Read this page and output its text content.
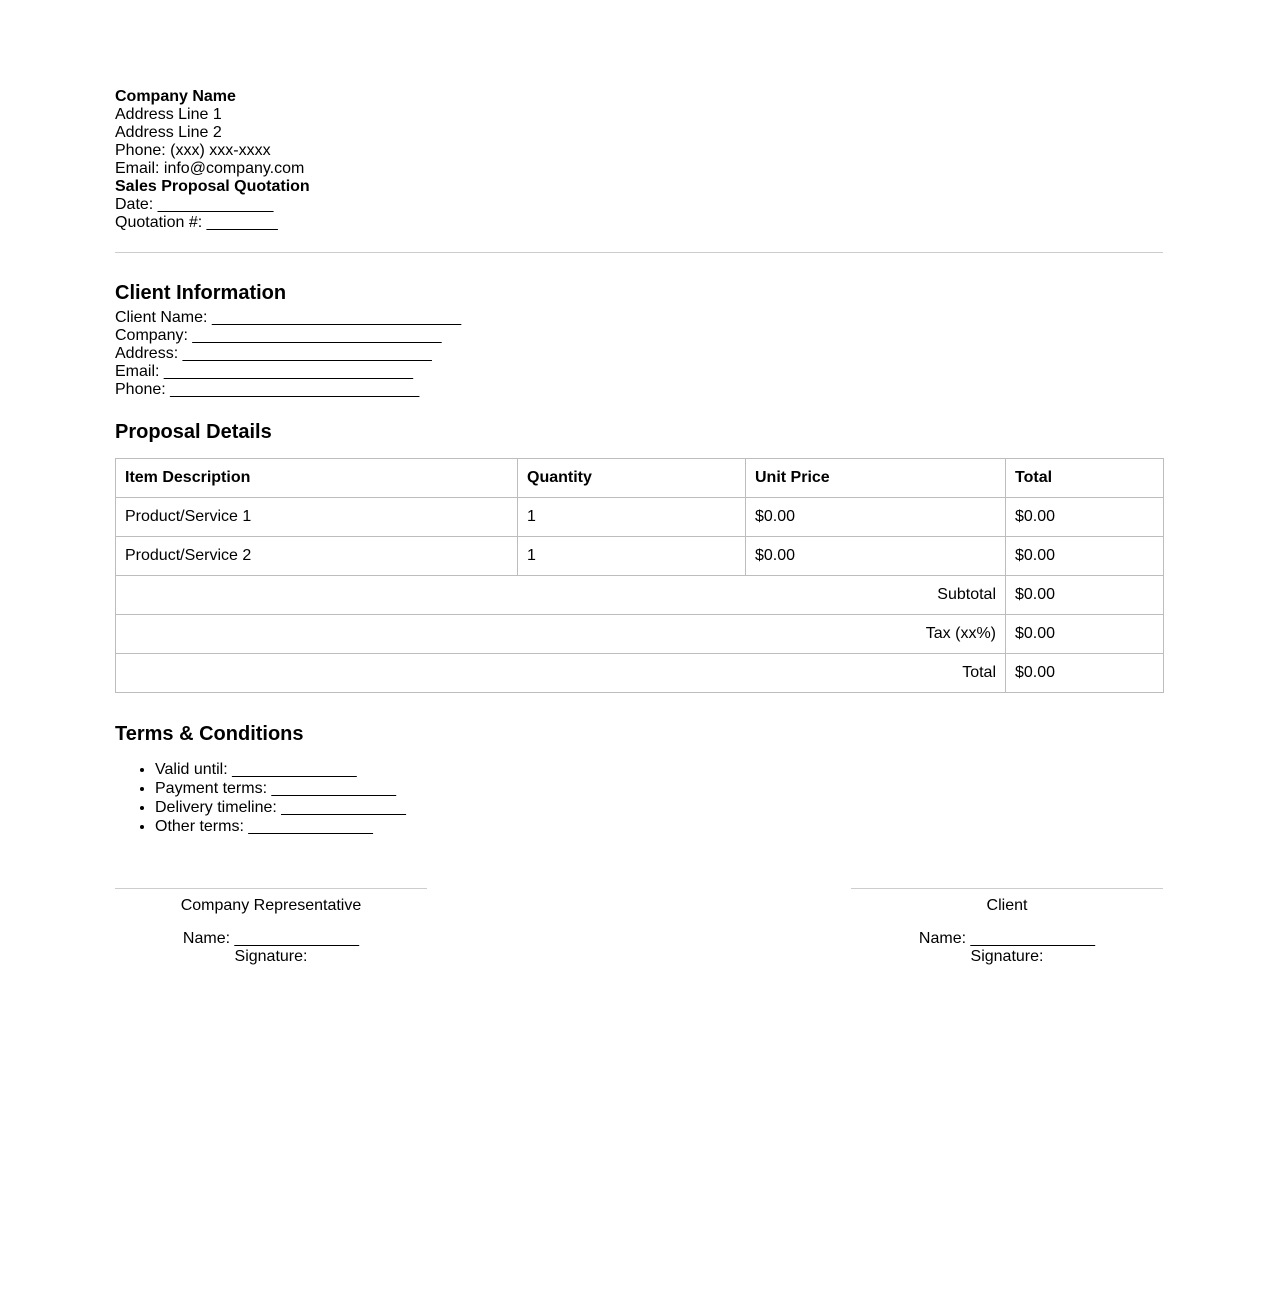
Company Name
Address Line 1
Address Line 2
Phone: (xxx) xxx-xxxx
Email: info@company.com

Sales Proposal Quotation
Date: _____________
Quotation #: ________

Client Information

Client Name: ____________________________
Company: ____________________________
Address: ____________________________
Email: ____________________________
Phone: ____________________________

Proposal Details
Item Description	Quantity	Unit Price	Total
Product/Service 1	1	$0.00	$0.00
Product/Service 2	1	$0.00	$0.00
Subtotal			$0.00
Tax (xx%)			$0.00
Total			$0.00
Terms & Conditions
• Valid until: ______________
• Payment terms: ______________
• Delivery timeline: ______________
• Other terms: ______________
Company Representative

Name: ______________
Signature:

Client

Name: ______________
Signature:
